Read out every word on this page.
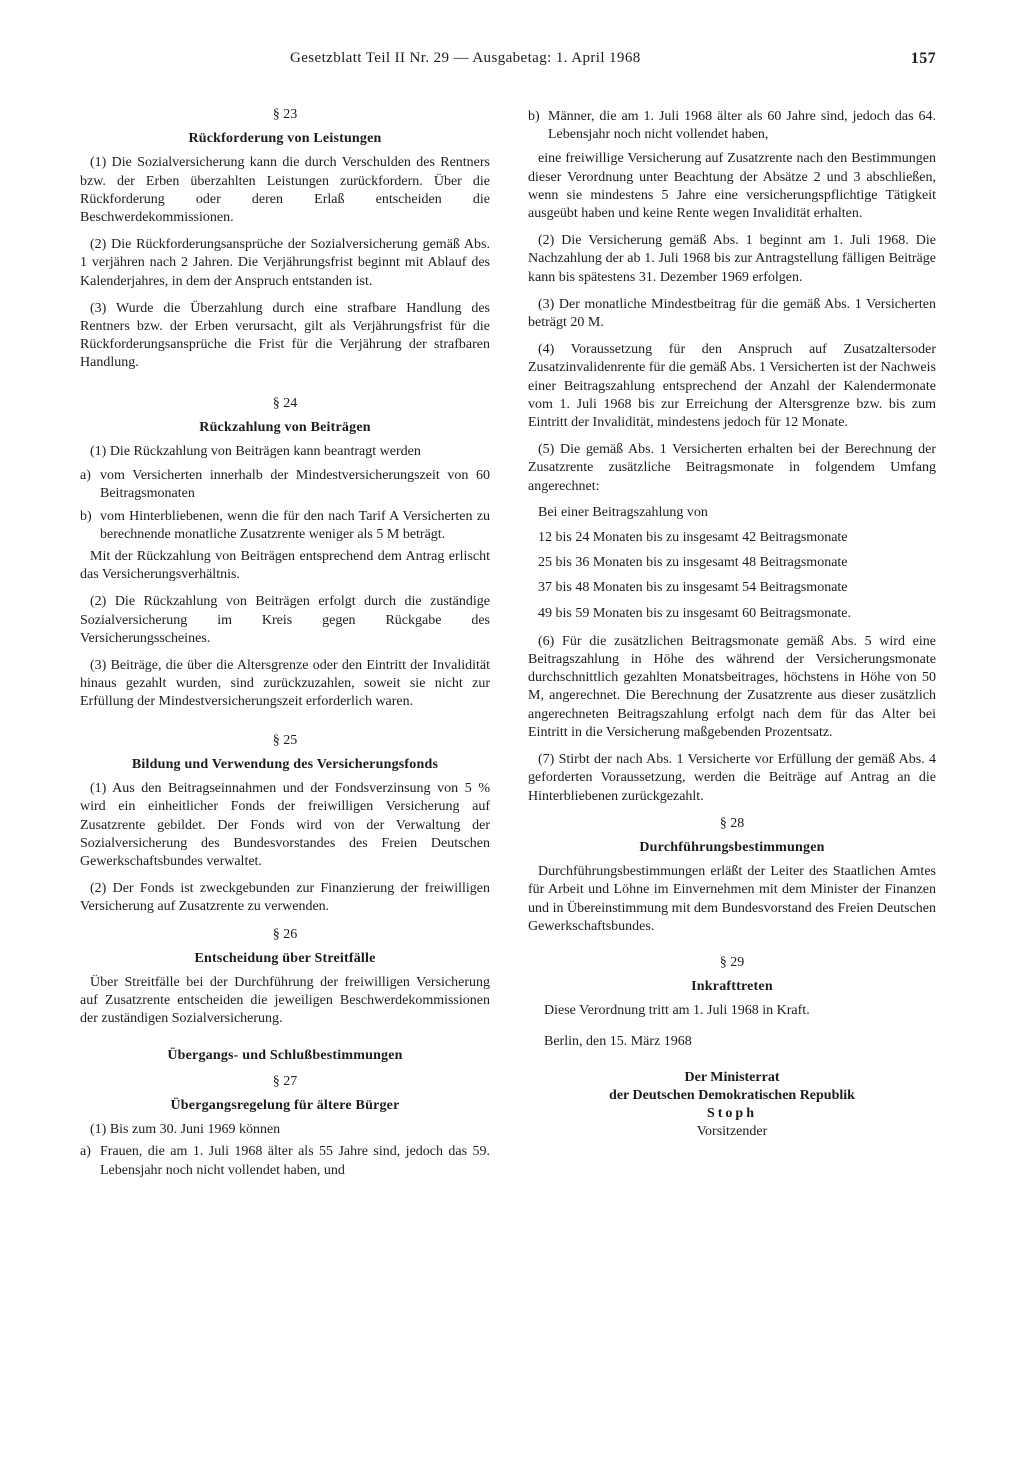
Gesetzblatt Teil II Nr. 29 — Ausgabetag: 1. April 1968	157
§ 23
Rückforderung von Leistungen

(1) Die Sozialversicherung kann die durch Verschulden des Rentners bzw. der Erben überzahlten Leistungen zurückfordern. Über die Rückforderung oder deren Erlaß entscheiden die Beschwerdekommissionen.

(2) Die Rückforderungsansprüche der Sozialversicherung gemäß Abs. 1 verjähren nach 2 Jahren. Die Verjährungsfrist beginnt mit Ablauf des Kalenderjahres, in dem der Anspruch entstanden ist.

(3) Wurde die Überzahlung durch eine strafbare Handlung des Rentners bzw. der Erben verursacht, gilt als Verjährungsfrist für die Rückforderungsansprüche die Frist für die Verjährung der strafbaren Handlung.

§ 24
Rückzahlung von Beiträgen

(1) Die Rückzahlung von Beiträgen kann beantragt werden

a) vom Versicherten innerhalb der Mindestversicherungszeit von 60 Beitragsmonaten
b) vom Hinterbliebenen, wenn die für den nach Tarif A Versicherten zu berechnende monatliche Zusatzrente weniger als 5 M beträgt.

Mit der Rückzahlung von Beiträgen entsprechend dem Antrag erlischt das Versicherungsverhältnis.

(2) Die Rückzahlung von Beiträgen erfolgt durch die zuständige Sozialversicherung im Kreis gegen Rückgabe des Versicherungsscheines.

(3) Beiträge, die über die Altersgrenze oder den Eintritt der Invalidität hinaus gezahlt wurden, sind zurückzuzahlen, soweit sie nicht zur Erfüllung der Mindestversicherungszeit erforderlich waren.

§ 25
Bildung und Verwendung des Versicherungsfonds

(1) Aus den Beitragseinnahmen und der Fondsverzinsung von 5 % wird ein einheitlicher Fonds der freiwilligen Versicherung auf Zusatzrente gebildet. Der Fonds wird von der Verwaltung der Sozialversicherung des Bundesvorstandes des Freien Deutschen Gewerkschaftsbundes verwaltet.

(2) Der Fonds ist zweckgebunden zur Finanzierung der freiwilligen Versicherung auf Zusatzrente zu verwenden.

§ 26
Entscheidung über Streitfälle

Über Streitfälle bei der Durchführung der freiwilligen Versicherung auf Zusatzrente entscheiden die jeweiligen Beschwerdekommissionen der zuständigen Sozialversicherung.

Übergangs- und Schlußbestimmungen
§ 27
Übergangsregelung für ältere Bürger

(1) Bis zum 30. Juni 1969 können

a) Frauen, die am 1. Juli 1968 älter als 55 Jahre sind, jedoch das 59. Lebensjahr noch nicht vollendet haben, und
b) Männer, die am 1. Juli 1968 älter als 60 Jahre sind, jedoch das 64. Lebensjahr noch nicht vollendet haben,

eine freiwillige Versicherung auf Zusatzrente nach den Bestimmungen dieser Verordnung unter Beachtung der Absätze 2 und 3 abschließen, wenn sie mindestens 5 Jahre eine versicherungspflichtige Tätigkeit ausgeübt haben und keine Rente wegen Invalidität erhalten.

(2) Die Versicherung gemäß Abs. 1 beginnt am 1. Juli 1968. Die Nachzahlung der ab 1. Juli 1968 bis zur Antragstellung fälligen Beiträge kann bis spätestens 31. Dezember 1969 erfolgen.

(3) Der monatliche Mindestbeitrag für die gemäß Abs. 1 Versicherten beträgt 20 M.

(4) Voraussetzung für den Anspruch auf Zusatzaltersoder Zusatzinvalidenrente für die gemäß Abs. 1 Versicherten ist der Nachweis einer Beitragszahlung entsprechend der Anzahl der Kalendermonate vom 1. Juli 1968 bis zur Erreichung der Altersgrenze bzw. bis zum Eintritt der Invalidität, mindestens jedoch für 12 Monate.

(5) Die gemäß Abs. 1 Versicherten erhalten bei der Berechnung der Zusatzrente zusätzliche Beitragsmonate in folgendem Umfang angerechnet:

Bei einer Beitragszahlung von
12 bis 24 Monaten bis zu insgesamt 42 Beitragsmonate
25 bis 36 Monaten bis zu insgesamt 48 Beitragsmonate
37 bis 48 Monaten bis zu insgesamt 54 Beitragsmonate
49 bis 59 Monaten bis zu insgesamt 60 Beitragsmonate.

(6) Für die zusätzlichen Beitragsmonate gemäß Abs. 5 wird eine Beitragszahlung in Höhe des während der Versicherungsmonate durchschnittlich gezahlten Monatsbeitrages, höchstens in Höhe von 50 M, angerechnet. Die Berechnung der Zusatzrente aus dieser zusätzlich angerechneten Beitragszahlung erfolgt nach dem für das Alter bei Eintritt in die Versicherung maßgebenden Prozentsatz.

(7) Stirbt der nach Abs. 1 Versicherte vor Erfüllung der gemäß Abs. 4 geforderten Voraussetzung, werden die Beiträge auf Antrag an die Hinterbliebenen zurückgezahlt.

§ 28
Durchführungsbestimmungen

Durchführungsbestimmungen erläßt der Leiter des Staatlichen Amtes für Arbeit und Löhne im Einvernehmen mit dem Minister der Finanzen und in Übereinstimmung mit dem Bundesvorstand des Freien Deutschen Gewerkschaftsbundes.

§ 29
Inkrafttreten

Diese Verordnung tritt am 1. Juli 1968 in Kraft.

Berlin, den 15. März 1968

Der Ministerrat
der Deutschen Demokratischen Republik
Stoph
Vorsitzender
